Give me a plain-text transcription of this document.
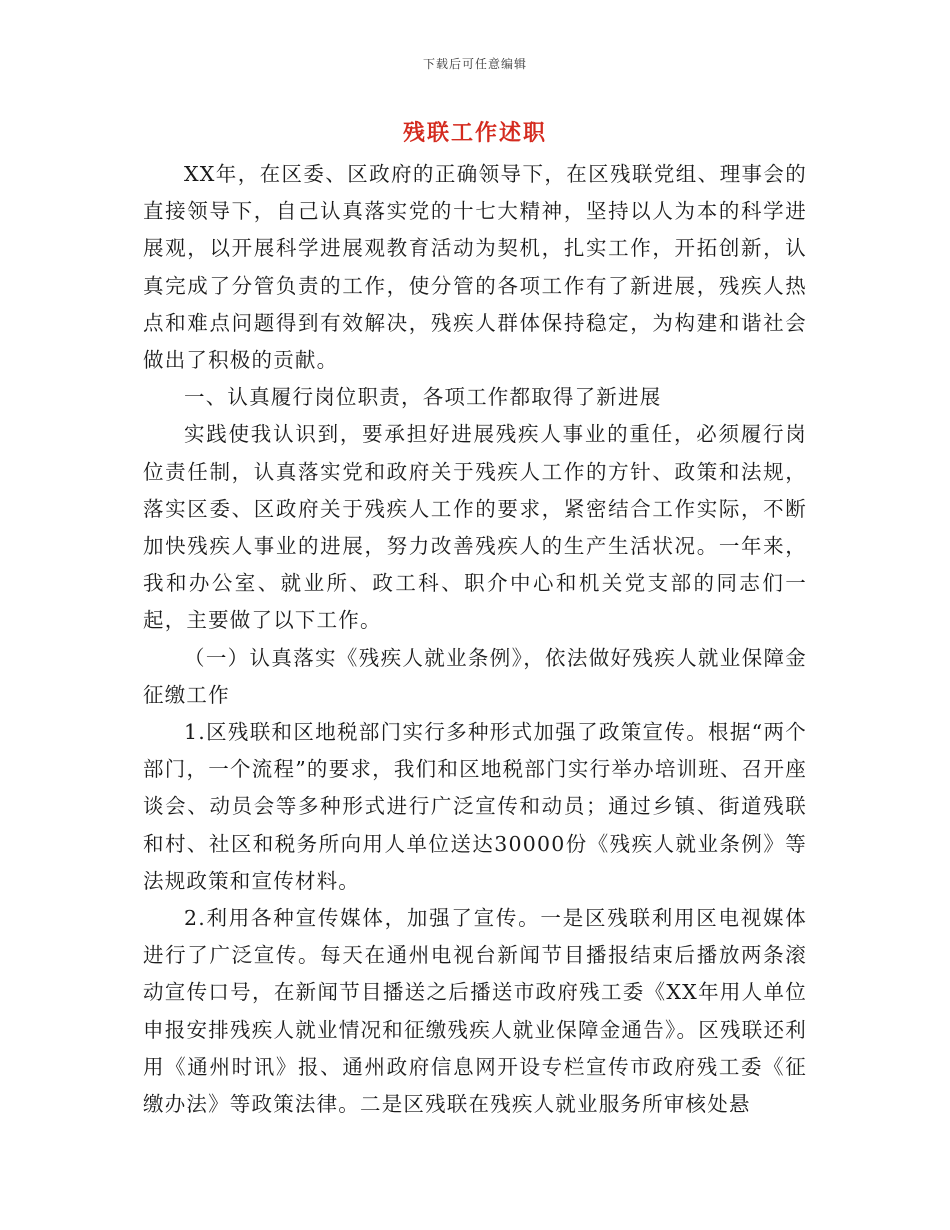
下载后可任意编辑
残联工作述职

XX年，在区委、区政府的正确领导下，在区残联党组、理事会的直接领导下，自己认真落实党的十七大精神，坚持以人为本的科学进展观，以开展科学进展观教育活动为契机，扎实工作，开拓创新，认真完成了分管负责的工作，使分管的各项工作有了新进展，残疾人热点和难点问题得到有效解决，残疾人群体保持稳定，为构建和谐社会做出了积极的贡献。

一、认真履行岗位职责，各项工作都取得了新进展

实践使我认识到，要承担好进展残疾人事业的重任，必须履行岗位责任制，认真落实党和政府关于残疾人工作的方针、政策和法规，落实区委、区政府关于残疾人工作的要求，紧密结合工作实际，不断加快残疾人事业的进展，努力改善残疾人的生产生活状况。一年来，我和办公室、就业所、政工科、职介中心和机关党支部的同志们一起，主要做了以下工作。

（一）认真落实《残疾人就业条例》，依法做好残疾人就业保障金征缴工作

1.区残联和区地税部门实行多种形式加强了政策宣传。根据“两个部门，一个流程”的要求，我们和区地税部门实行举办培训班、召开座谈会、动员会等多种形式进行广泛宣传和动员；通过乡镇、街道残联和村、社区和税务所向用人单位送达30000份《残疾人就业条例》等法规政策和宣传材料。

2.利用各种宣传媒体，加强了宣传。一是区残联利用区电视媒体进行了广泛宣传。每天在通州电视台新闻节目播报结束后播放两条滚动宣传口号，在新闻节目播送之后播送市政府残工委《XX年用人单位申报安排残疾人就业情况和征缴残疾人就业保障金通告》。区残联还利用《通州时讯》报、通州政府信息网开设专栏宣传市政府残工委《征缴办法》等政策法律。二是区残联在残疾人就业服务所审核处悬
